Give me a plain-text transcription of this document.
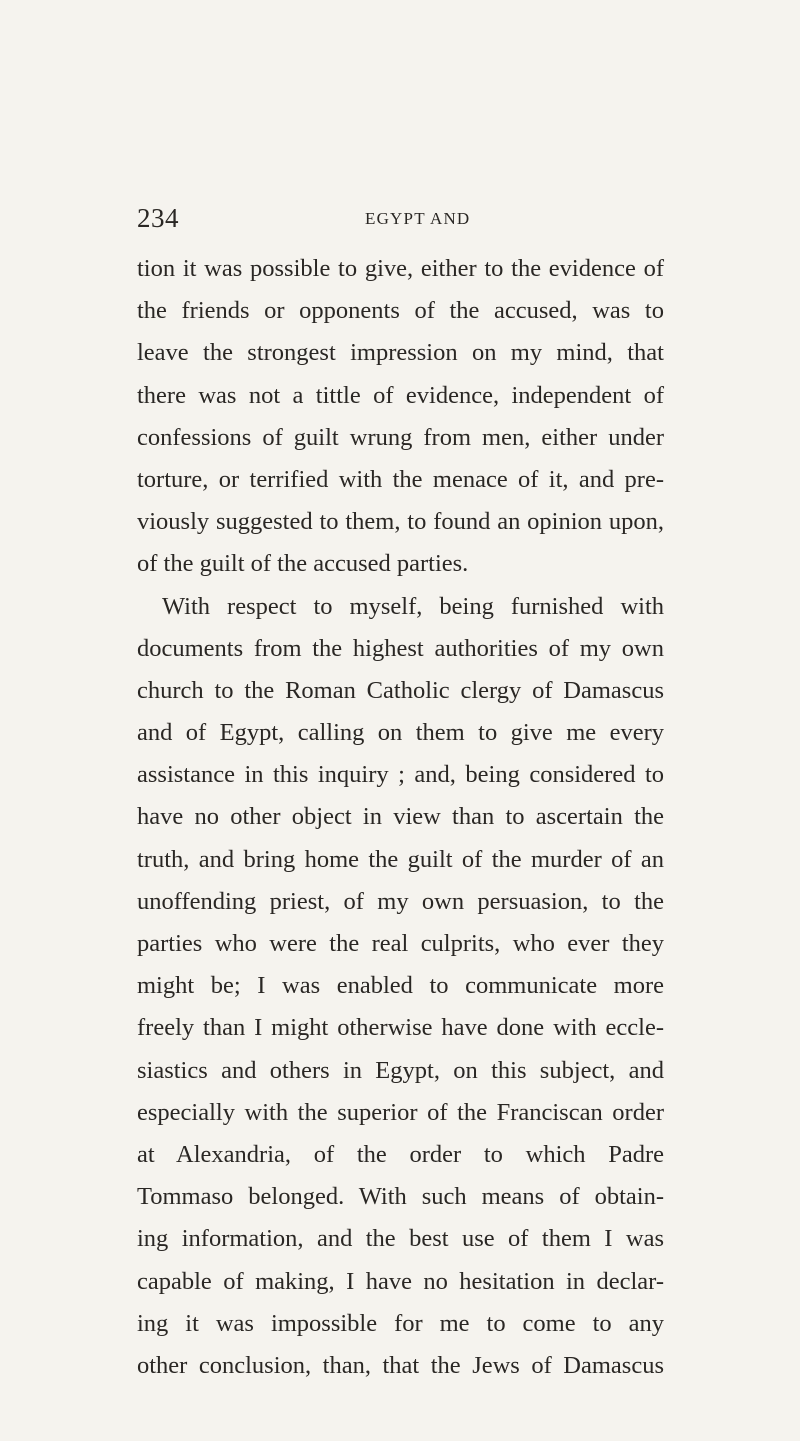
234	EGYPT AND
tion it was possible to give, either to the evidence of
the friends or opponents of the accused, was to
leave the strongest impression on my mind, that
there was not a tittle of evidence, independent of
confessions of guilt wrung from men, either under
torture, or terrified with the menace of it, and pre-
viously suggested to them, to found an opinion upon,
of the guilt of the accused parties.
With respect to myself, being furnished with
documents from the highest authorities of my own
church to the Roman Catholic clergy of Damascus
and of Egypt, calling on them to give me every
assistance in this inquiry ; and, being considered to
have no other object in view than to ascertain the
truth, and bring home the guilt of the murder of an
unoffending priest, of my own persuasion, to the
parties who were the real culprits, who ever they
might be; I was enabled to communicate more
freely than I might otherwise have done with eccle-
siastics and others in Egypt, on this subject, and
especially with the superior of the Franciscan order
at Alexandria, of the order to which Padre
Tommaso belonged. With such means of obtain-
ing information, and the best use of them I was
capable of making, I have no hesitation in declar-
ing it was impossible for me to come to any
other conclusion, than, that the Jews of Damascus
